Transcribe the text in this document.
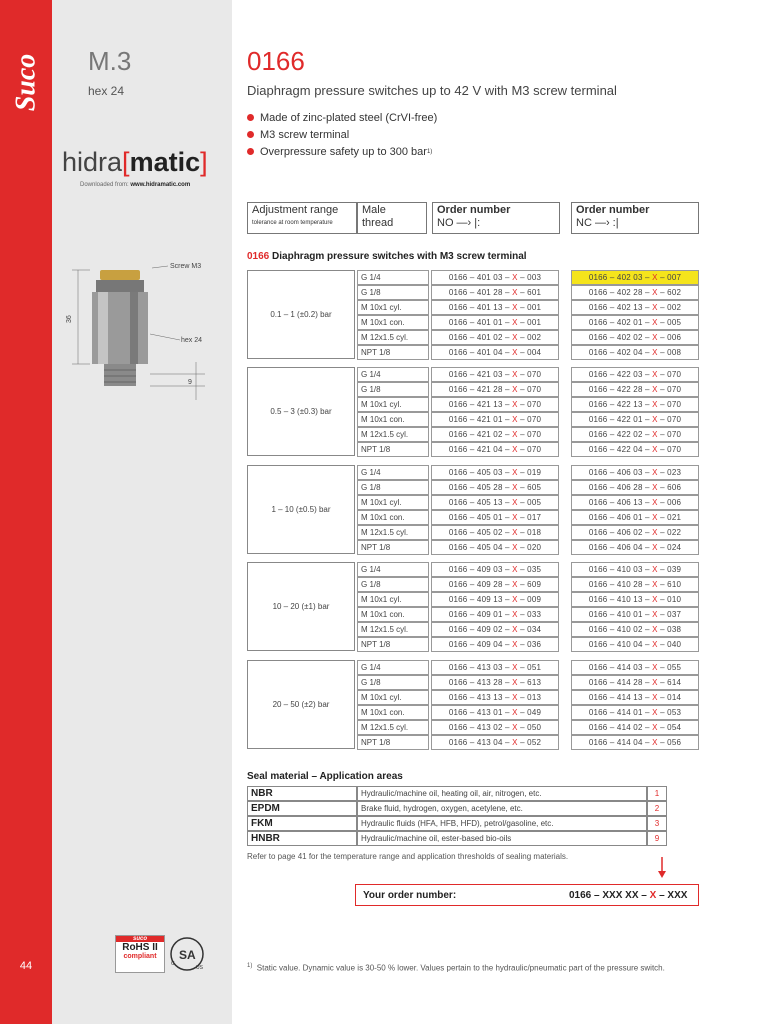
Suco
44
M.3
hex 24
hidra[matic]
Downloaded from: www.hidramatic.com
Screw M3
36
hex 24
9
0166
Diaphragm pressure switches up to 42 V with M3 screw terminal
Made of zinc-plated steel (CrVI-free)
M3 screw terminal
Overpressure safety up to 300 bar 1)
Adjustment range
tolerance at room temperature
Male
thread
Order number
NO —› |:
Order number
NC —› :|
0166 Diaphragm pressure switches with M3 screw terminal
0.1 – 1 (±0.2) bar
G 1/4	0166 – 401 03 – X – 003	0166 – 402 03 – X – 007
G 1/8	0166 – 401 28 – X – 601	0166 – 402 28 – X – 602
M 10x1 cyl.	0166 – 401 13 – X – 001	0166 – 402 13 – X – 002
M 10x1 con.	0166 – 401 01 – X – 001	0166 – 402 01 – X – 005
M 12x1.5 cyl.	0166 – 401 02 – X – 002	0166 – 402 02 – X – 006
NPT 1/8	0166 – 401 04 – X – 004	0166 – 402 04 – X – 008
0.5 – 3 (±0.3) bar
G 1/4	0166 – 421 03 – X – 070	0166 – 422 03 – X – 070
G 1/8	0166 – 421 28 – X – 070	0166 – 422 28 – X – 070
M 10x1 cyl.	0166 – 421 13 – X – 070	0166 – 422 13 – X – 070
M 10x1 con.	0166 – 421 01 – X – 070	0166 – 422 01 – X – 070
M 12x1.5 cyl.	0166 – 421 02 – X – 070	0166 – 422 02 – X – 070
NPT 1/8	0166 – 421 04 – X – 070	0166 – 422 04 – X – 070
1 – 10 (±0.5) bar
G 1/4	0166 – 405 03 – X – 019	0166 – 406 03 – X – 023
G 1/8	0166 – 405 28 – X – 605	0166 – 406 28 – X – 606
M 10x1 cyl.	0166 – 405 13 – X – 005	0166 – 406 13 – X – 006
M 10x1 con.	0166 – 405 01 – X – 017	0166 – 406 01 – X – 021
M 12x1.5 cyl.	0166 – 405 02 – X – 018	0166 – 406 02 – X – 022
NPT 1/8	0166 – 405 04 – X – 020	0166 – 406 04 – X – 024
10 – 20 (±1) bar
G 1/4	0166 – 409 03 – X – 035	0166 – 410 03 – X – 039
G 1/8	0166 – 409 28 – X – 609	0166 – 410 28 – X – 610
M 10x1 cyl.	0166 – 409 13 – X – 009	0166 – 410 13 – X – 010
M 10x1 con.	0166 – 409 01 – X – 033	0166 – 410 01 – X – 037
M 12x1.5 cyl.	0166 – 409 02 – X – 034	0166 – 410 02 – X – 038
NPT 1/8	0166 – 409 04 – X – 036	0166 – 410 04 – X – 040
20 – 50 (±2) bar
G 1/4	0166 – 413 03 – X – 051	0166 – 414 03 – X – 055
G 1/8	0166 – 413 28 – X – 613	0166 – 414 28 – X – 614
M 10x1 cyl.	0166 – 413 13 – X – 013	0166 – 414 13 – X – 014
M 10x1 con.	0166 – 413 01 – X – 049	0166 – 414 01 – X – 053
M 12x1.5 cyl.	0166 – 413 02 – X – 050	0166 – 414 02 – X – 054
NPT 1/8	0166 – 413 04 – X – 052	0166 – 414 04 – X – 056
Seal material – Application areas
NBR	Hydraulic/machine oil, heating oil, air, nitrogen, etc.	1
EPDM	Brake fluid, hydrogen, oxygen, acetylene, etc.	2
FKM	Hydraulic fluids (HFA, HFB, HFD), petrol/gasoline, etc.	3
HNBR	Hydraulic/machine oil, ester-based bio-oils	9
Refer to page 41 for the temperature range and application thresholds of sealing materials.
Your order number:	0166 – XXX XX – X – XXX
suco
RoHS II
compliant	SA
C
US	$^{1)}$ Static value. Dynamic value is 30-50 % lower. Values pertain to the hydraulic/pneumatic part of the pressure switch.
